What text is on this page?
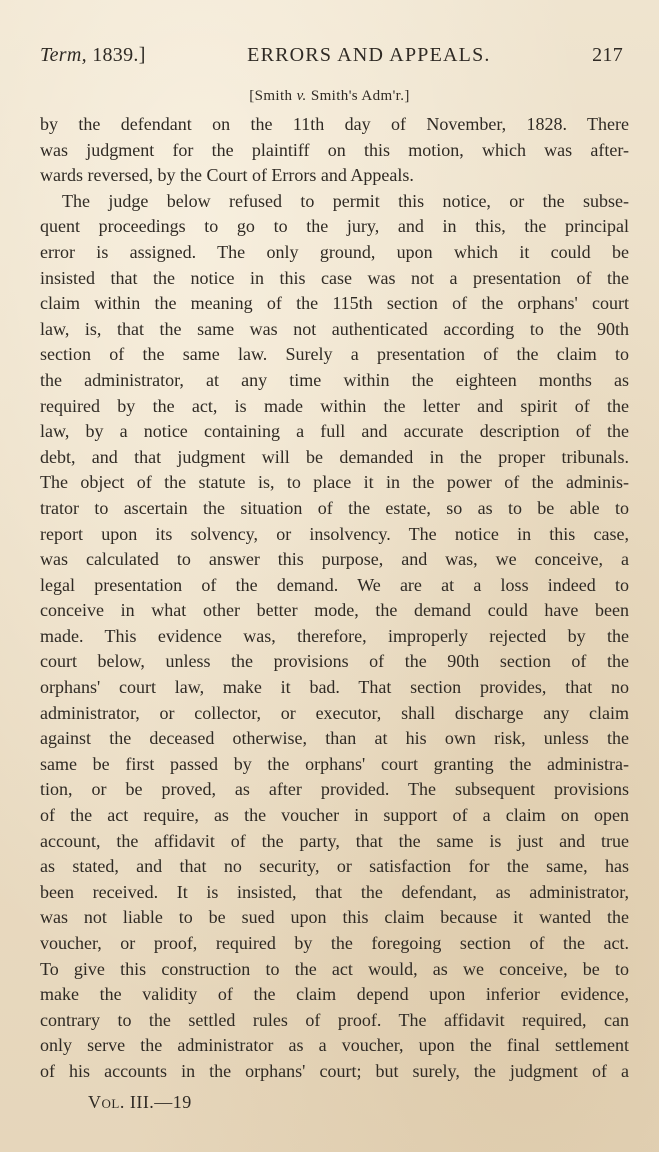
Term, 1839.]	ERRORS AND APPEALS.	217
[Smith v. Smith's Adm'r.]
by the defendant on the 11th day of November, 1828. There
was judgment for the plaintiff on this motion, which was after-
wards reversed, by the Court of Errors and Appeals.
The judge below refused to permit this notice, or the subse-
quent proceedings to go to the jury, and in this, the principal
error is assigned. The only ground, upon which it could be
insisted that the notice in this case was not a presentation of the
claim within the meaning of the 115th section of the orphans' court
law, is, that the same was not authenticated according to the 90th
section of the same law. Surely a presentation of the claim to
the administrator, at any time within the eighteen months as
required by the act, is made within the letter and spirit of the
law, by a notice containing a full and accurate description of the
debt, and that judgment will be demanded in the proper tribunals.
The object of the statute is, to place it in the power of the adminis-
trator to ascertain the situation of the estate, so as to be able to
report upon its solvency, or insolvency. The notice in this case,
was calculated to answer this purpose, and was, we conceive, a
legal presentation of the demand. We are at a loss indeed to
conceive in what other better mode, the demand could have been
made. This evidence was, therefore, improperly rejected by the
court below, unless the provisions of the 90th section of the
orphans' court law, make it bad. That section provides, that no
administrator, or collector, or executor, shall discharge any claim
against the deceased otherwise, than at his own risk, unless the
same be first passed by the orphans' court granting the administra-
tion, or be proved, as after provided. The subsequent provisions
of the act require, as the voucher in support of a claim on open
account, the affidavit of the party, that the same is just and true
as stated, and that no security, or satisfaction for the same, has
been received. It is insisted, that the defendant, as administrator,
was not liable to be sued upon this claim because it wanted the
voucher, or proof, required by the foregoing section of the act.
To give this construction to the act would, as we conceive, be to
make the validity of the claim depend upon inferior evidence,
contrary to the settled rules of proof. The affidavit required, can
only serve the administrator as a voucher, upon the final settlement
of his accounts in the orphans' court; but surely, the judgment of a
Vol. III.—19
